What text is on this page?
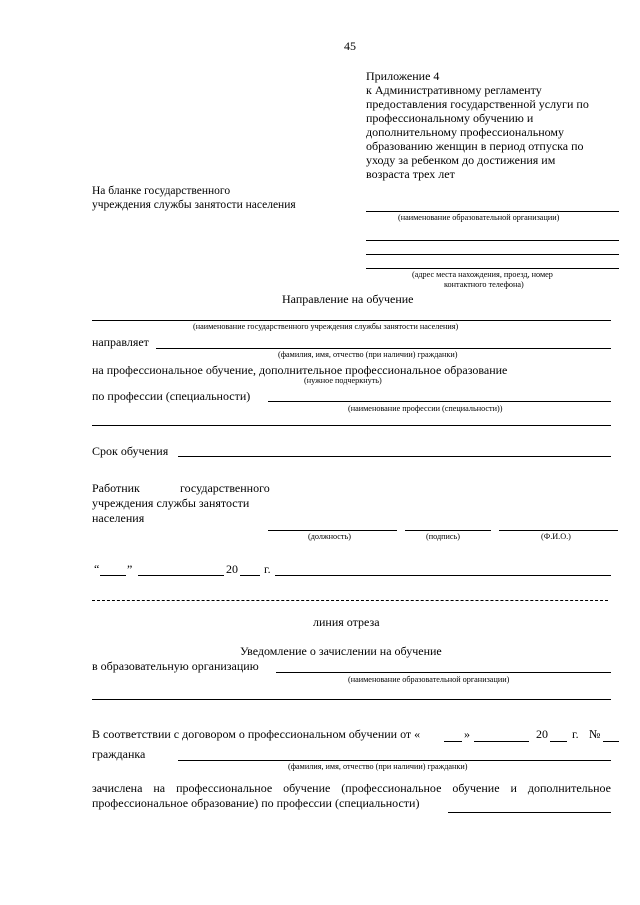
45
Приложение 4
к Административному регламенту
предоставления государственной услуги по
профессиональному обучению и
дополнительному профессиональному
образованию женщин в период отпуска по
уходу за ребенком до достижения им
возраста трех лет
На бланке государственного
учреждения службы занятости населения
(наименование образовательной организации)
(адрес места нахождения, проезд, номер
контактного телефона)
Направление на обучение
(наименование государственного учреждения службы занятости населения)
направляет
(фамилия, имя, отчество (при наличии) гражданки)
на профессиональное обучение, дополнительное профессиональное образование
(нужное подчеркнуть)
по профессии (специальности)
(наименование профессии (специальности))
Срок обучения
Работник	государственного
учреждения службы занятости
населения
(должность)	(подпись)	(Ф.И.О.)
“ ”	20 г.
линия отреза
Уведомление о зачислении на обучение
в образовательную организацию
(наименование образовательной организации)
В соответствии с договором о профессиональном обучении от «	»	20 г. №
гражданка
(фамилия, имя, отчество (при наличии) гражданки)
зачислена на профессиональное обучение (профессиональное обучение и дополнительное
профессиональное образование) по профессии (специальности)
